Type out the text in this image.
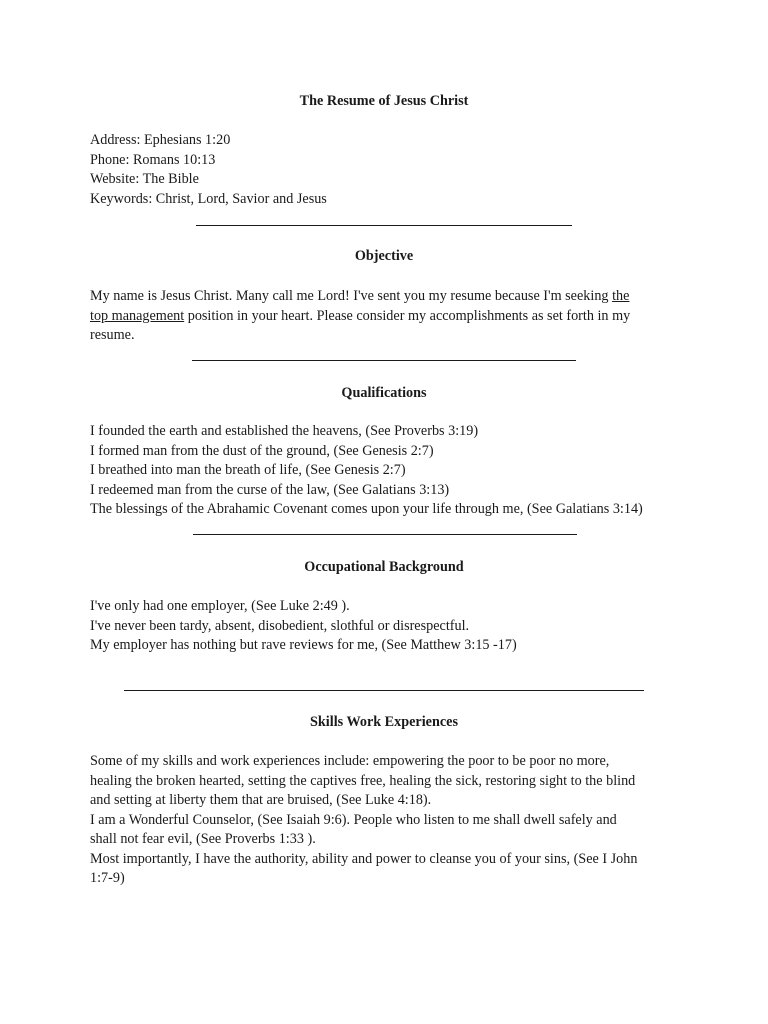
The Resume of Jesus Christ
Address: Ephesians 1:20
Phone: Romans 10:13
Website: The Bible
Keywords: Christ, Lord, Savior and Jesus
Objective
My name is Jesus Christ. Many call me Lord! I've sent you my resume because I'm seeking the
top management position in your heart. Please consider my accomplishments as set forth in my
resume.
Qualifications
I founded the earth and established the heavens, (See Proverbs 3:19)
I formed man from the dust of the ground, (See Genesis 2:7)
I breathed into man the breath of life, (See Genesis 2:7)
I redeemed man from the curse of the law, (See Galatians 3:13)
The blessings of the Abrahamic Covenant comes upon your life through me, (See Galatians 3:14)
Occupational Background
I've only had one employer, (See Luke 2:49 ).
I've never been tardy, absent, disobedient, slothful or disrespectful.
My employer has nothing but rave reviews for me, (See Matthew 3:15 -17)
Skills Work Experiences
Some of my skills and work experiences include: empowering the poor to be poor no more,
healing the broken hearted, setting the captives free, healing the sick, restoring sight to the blind
and setting at liberty them that are bruised, (See Luke 4:18).
I am a Wonderful Counselor, (See Isaiah 9:6). People who listen to me shall dwell safely and
shall not fear evil, (See Proverbs 1:33 ).
Most importantly, I have the authority, ability and power to cleanse you of your sins, (See I John
1:7-9)
